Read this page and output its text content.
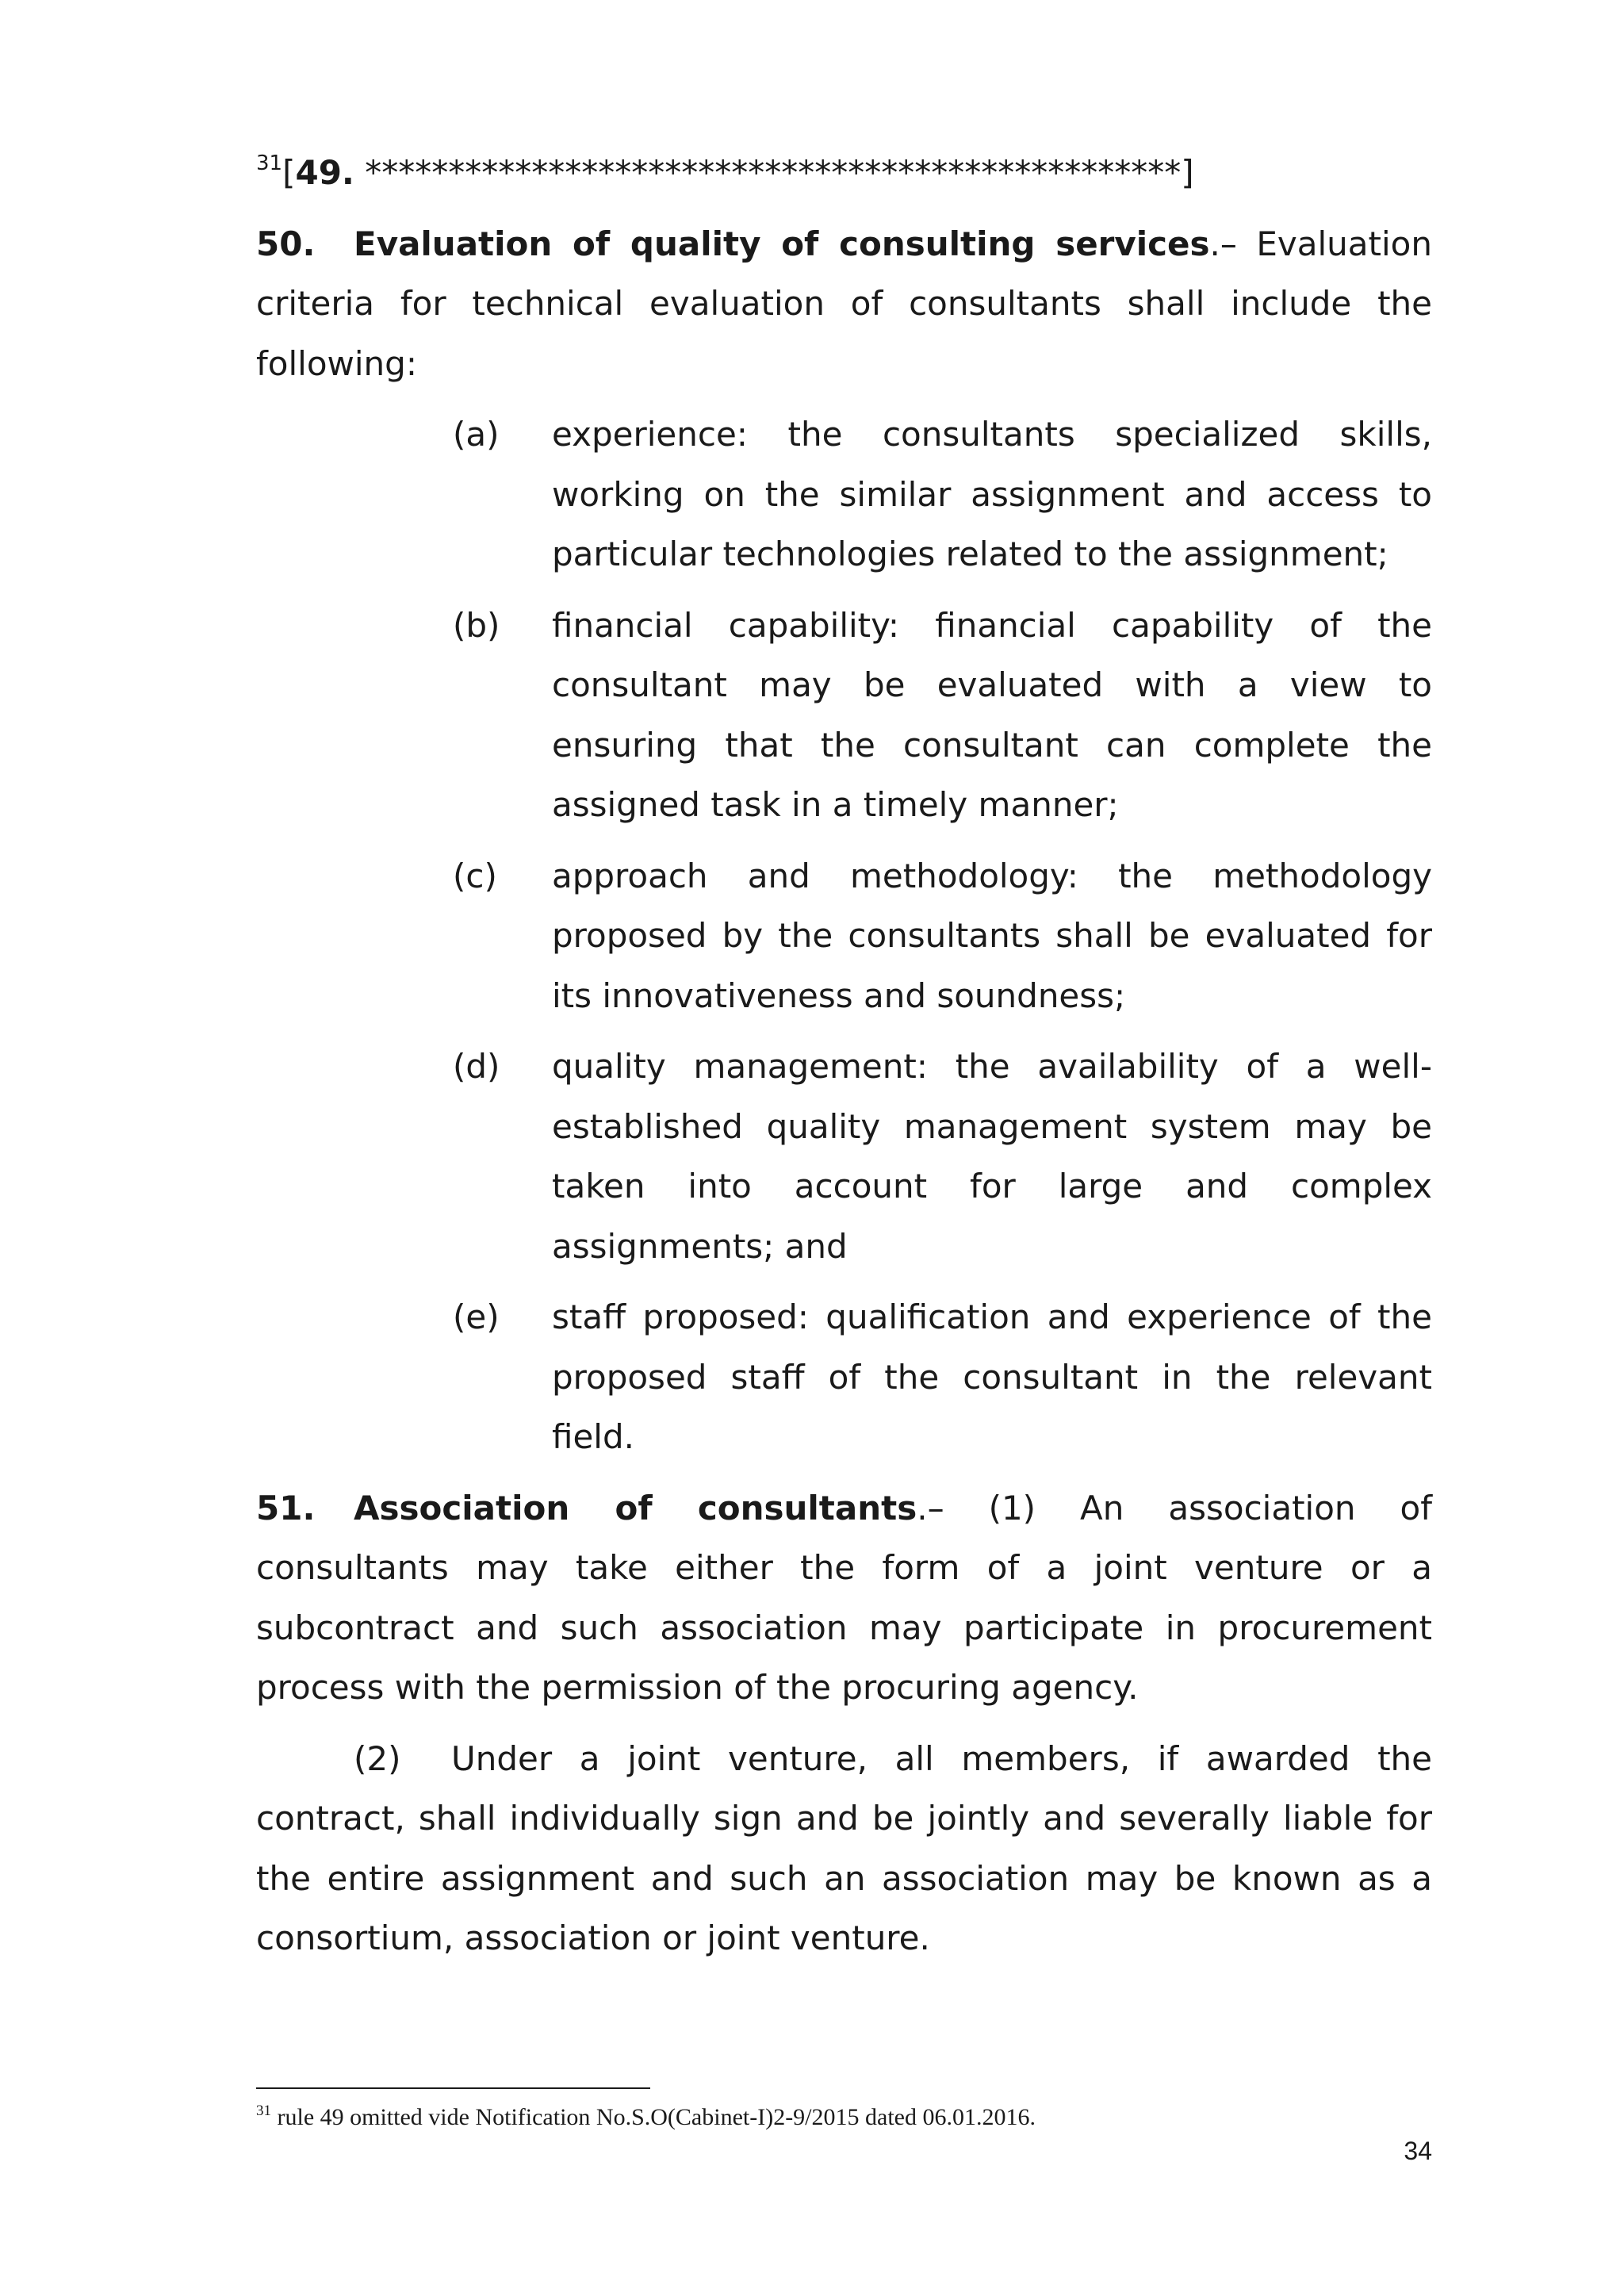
$^{31}$[49. *************************************************]

50. Evaluation of quality of consulting services.– Evaluation criteria for technical evaluation of consultants shall include the following:

(a)	experience: the consultants specialized skills, working on the similar assignment and access to particular technologies related to the assignment;
(b)	financial capability: financial capability of the consultant may be evaluated with a view to ensuring that the consultant can complete the assigned task in a timely manner;
(c)	approach and methodology: the methodology proposed by the consultants shall be evaluated for its innovativeness and soundness;
(d)	quality management: the availability of a well-established quality management system may be taken into account for large and complex assignments; and
(e)	staff proposed: qualification and experience of the proposed staff of the consultant in the relevant field.

51. Association of consultants.– (1) An association of consultants may take either the form of a joint venture or a subcontract and such association may participate in procurement process with the permission of the procuring agency.

(2) Under a joint venture, all members, if awarded the contract, shall individually sign and be jointly and severally liable for the entire assignment and such an association may be known as a consortium, association or joint venture.

$^{31}$ rule 49 omitted vide Notification No.S.O(Cabinet-I)2-9/2015 dated 06.01.2016.
34
